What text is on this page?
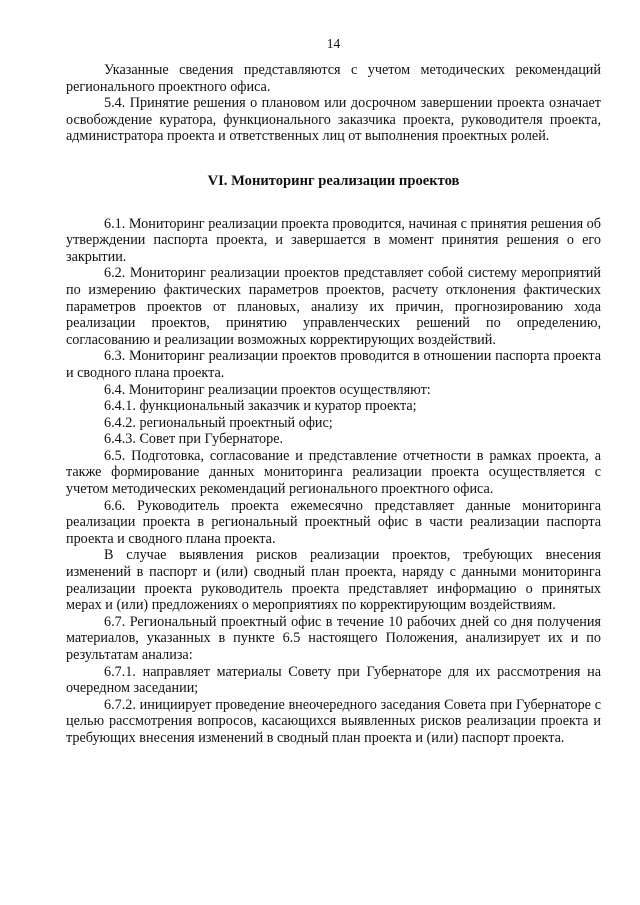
14

Указанные сведения представляются с учетом методических рекомендаций регионального проектного офиса.

5.4. Принятие решения о плановом или досрочном завершении проекта означает освобождение куратора, функционального заказчика проекта, руководителя проекта, администратора проекта и ответственных лиц от выполнения проектных ролей.

VI. Мониторинг реализации проектов

6.1. Мониторинг реализации проекта проводится, начиная с принятия решения об утверждении паспорта проекта, и завершается в момент принятия решения о его закрытии.

6.2. Мониторинг реализации проектов представляет собой систему мероприятий по измерению фактических параметров проектов, расчету отклонения фактических параметров проектов от плановых, анализу их причин, прогнозированию хода реализации проектов, принятию управленческих решений по определению, согласованию и реализации возможных корректирующих воздействий.

6.3. Мониторинг реализации проектов проводится в отношении паспорта проекта и сводного плана проекта.

6.4. Мониторинг реализации проектов осуществляют:

6.4.1. функциональный заказчик и куратор проекта;

6.4.2. региональный проектный офис;

6.4.3. Совет при Губернаторе.

6.5. Подготовка, согласование и представление отчетности в рамках проекта, а также формирование данных мониторинга реализации проекта осуществляется с учетом методических рекомендаций регионального проектного офиса.

6.6. Руководитель проекта ежемесячно представляет данные мониторинга реализации проекта в региональный проектный офис в части реализации паспорта проекта и сводного плана проекта.

В случае выявления рисков реализации проектов, требующих внесения изменений в паспорт и (или) сводный план проекта, наряду с данными мониторинга реализации проекта руководитель проекта представляет информацию о принятых мерах и (или) предложениях о мероприятиях по корректирующим воздействиям.

6.7. Региональный проектный офис в течение 10 рабочих дней со дня получения материалов, указанных в пункте 6.5 настоящего Положения, анализирует их и по результатам анализа:

6.7.1. направляет материалы Совету при Губернаторе для их рассмотрения на очередном заседании;

6.7.2. инициирует проведение внеочередного заседания Совета при Губернаторе с целью рассмотрения вопросов, касающихся выявленных рисков реализации проекта и требующих внесения изменений в сводный план проекта и (или) паспорт проекта.
